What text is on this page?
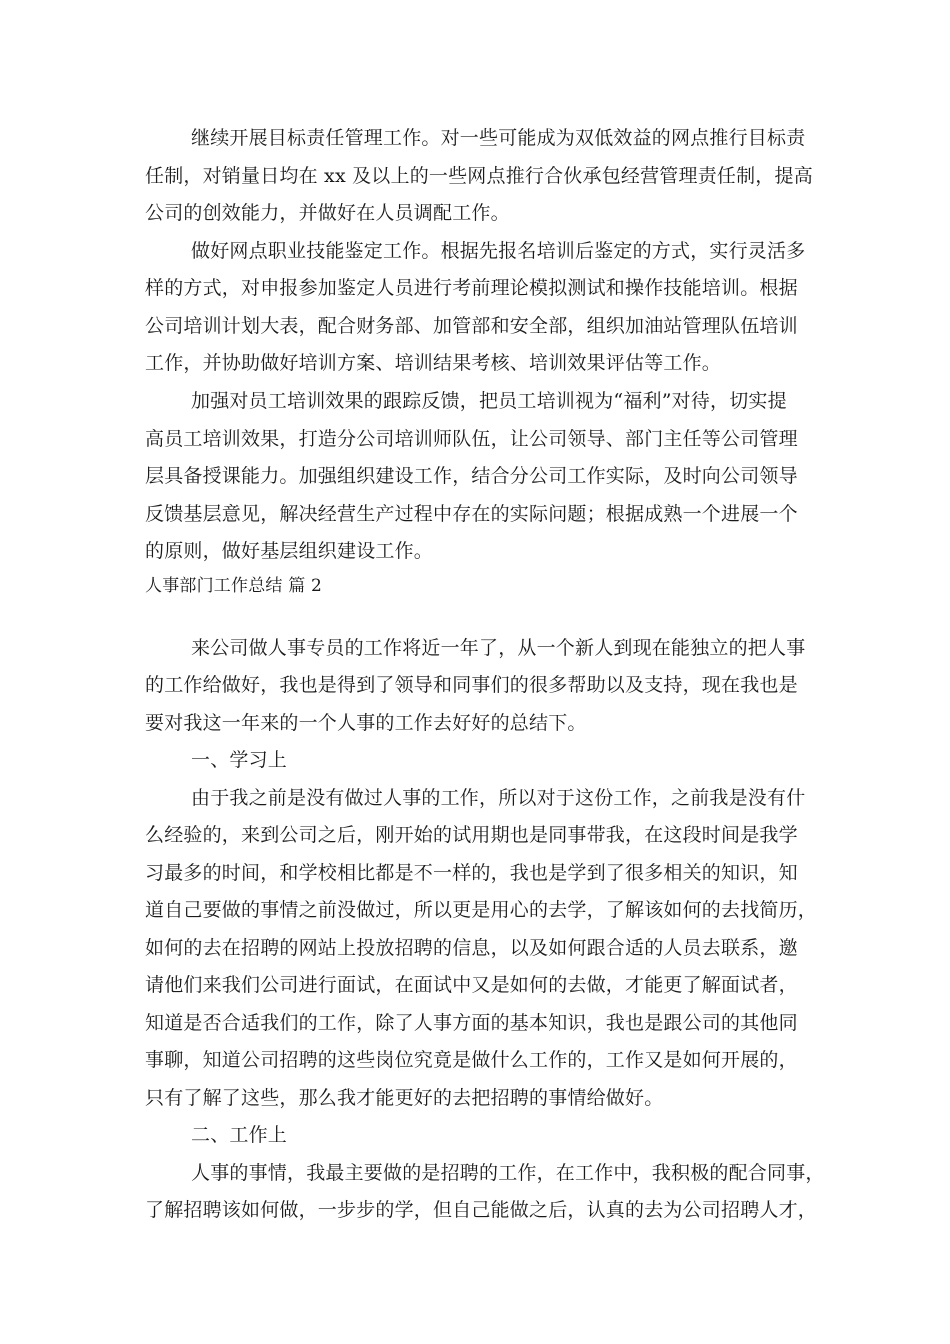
继续开展目标责任管理工作。对一些可能成为双低效益的网点推行目标责
任制，对销量日均在 xx 及以上的一些网点推行合伙承包经营管理责任制，提高
公司的创效能力，并做好在人员调配工作。
做好网点职业技能鉴定工作。根据先报名培训后鉴定的方式，实行灵活多
样的方式，对申报参加鉴定人员进行考前理论模拟测试和操作技能培训。根据
公司培训计划大表，配合财务部、加管部和安全部，组织加油站管理队伍培训
工作，并协助做好培训方案、培训结果考核、培训效果评估等工作。
加强对员工培训效果的跟踪反馈，把员工培训视为“福利”对待，切实提
高员工培训效果，打造分公司培训师队伍，让公司领导、部门主任等公司管理
层具备授课能力。加强组织建设工作，结合分公司工作实际，及时向公司领导
反馈基层意见，解决经营生产过程中存在的实际问题；根据成熟一个进展一个
的原则，做好基层组织建设工作。
人事部门工作总结 篇 2
来公司做人事专员的工作将近一年了，从一个新人到现在能独立的把人事
的工作给做好，我也是得到了领导和同事们的很多帮助以及支持，现在我也是
要对我这一年来的一个人事的工作去好好的总结下。
一、学习上
由于我之前是没有做过人事的工作，所以对于这份工作，之前我是没有什
么经验的，来到公司之后，刚开始的试用期也是同事带我，在这段时间是我学
习最多的时间，和学校相比都是不一样的，我也是学到了很多相关的知识，知
道自己要做的事情之前没做过，所以更是用心的去学，了解该如何的去找简历，
如何的去在招聘的网站上投放招聘的信息，以及如何跟合适的人员去联系，邀
请他们来我们公司进行面试，在面试中又是如何的去做，才能更了解面试者，
知道是否合适我们的工作，除了人事方面的基本知识，我也是跟公司的其他同
事聊，知道公司招聘的这些岗位究竟是做什么工作的，工作又是如何开展的，
只有了解了这些，那么我才能更好的去把招聘的事情给做好。
二、工作上
人事的事情，我最主要做的是招聘的工作，在工作中，我积极的配合同事，
了解招聘该如何做，一步步的学，但自己能做之后，认真的去为公司招聘人才，
